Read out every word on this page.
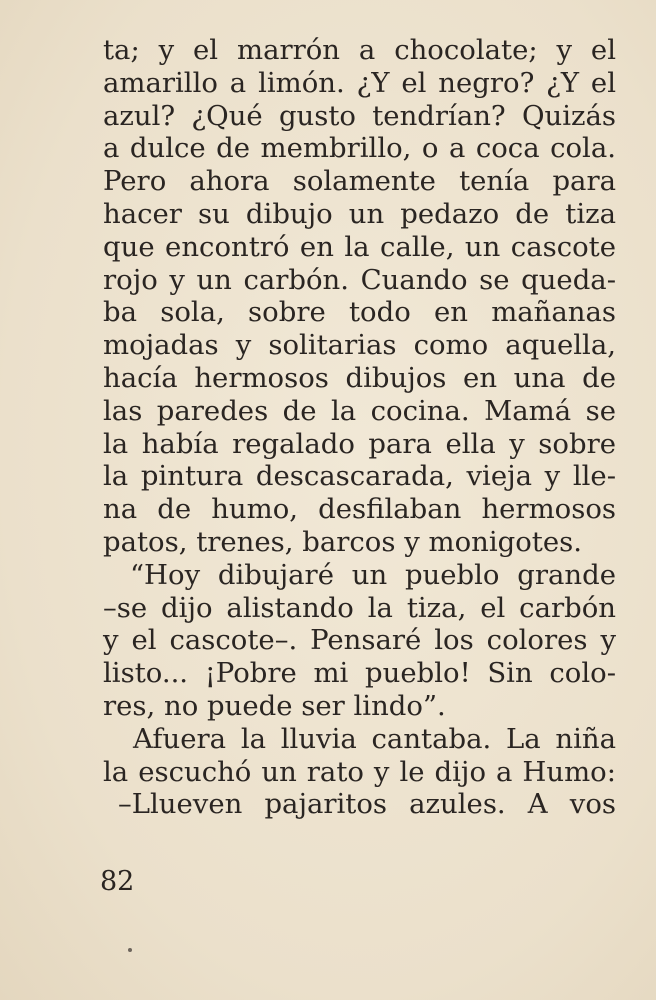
ta; y el marrón a chocolate; y el
amarillo a limón. ¿Y el negro? ¿Y el
azul? ¿Qué gusto tendrían? Quizás
a dulce de membrillo, o a coca cola.
Pero ahora solamente tenía para
hacer su dibujo un pedazo de tiza
que encontró en la calle, un cascote
rojo y un carbón. Cuando se queda-
ba sola, sobre todo en mañanas
mojadas y solitarias como aquella,
hacía hermosos dibujos en una de
las paredes de la cocina. Mamá se
la había regalado para ella y sobre
la pintura descascarada, vieja y lle-
na de humo, desfilaban hermosos
patos, trenes, barcos y monigotes.
“Hoy dibujaré un pueblo grande
–se dijo alistando la tiza, el carbón
y el cascote–. Pensaré los colores y
listo... ¡Pobre mi pueblo! Sin colo-
res, no puede ser lindo”.
Afuera la lluvia cantaba. La niña
la escuchó un rato y le dijo a Humo:
–Llueven pajaritos azules. A vos
82
